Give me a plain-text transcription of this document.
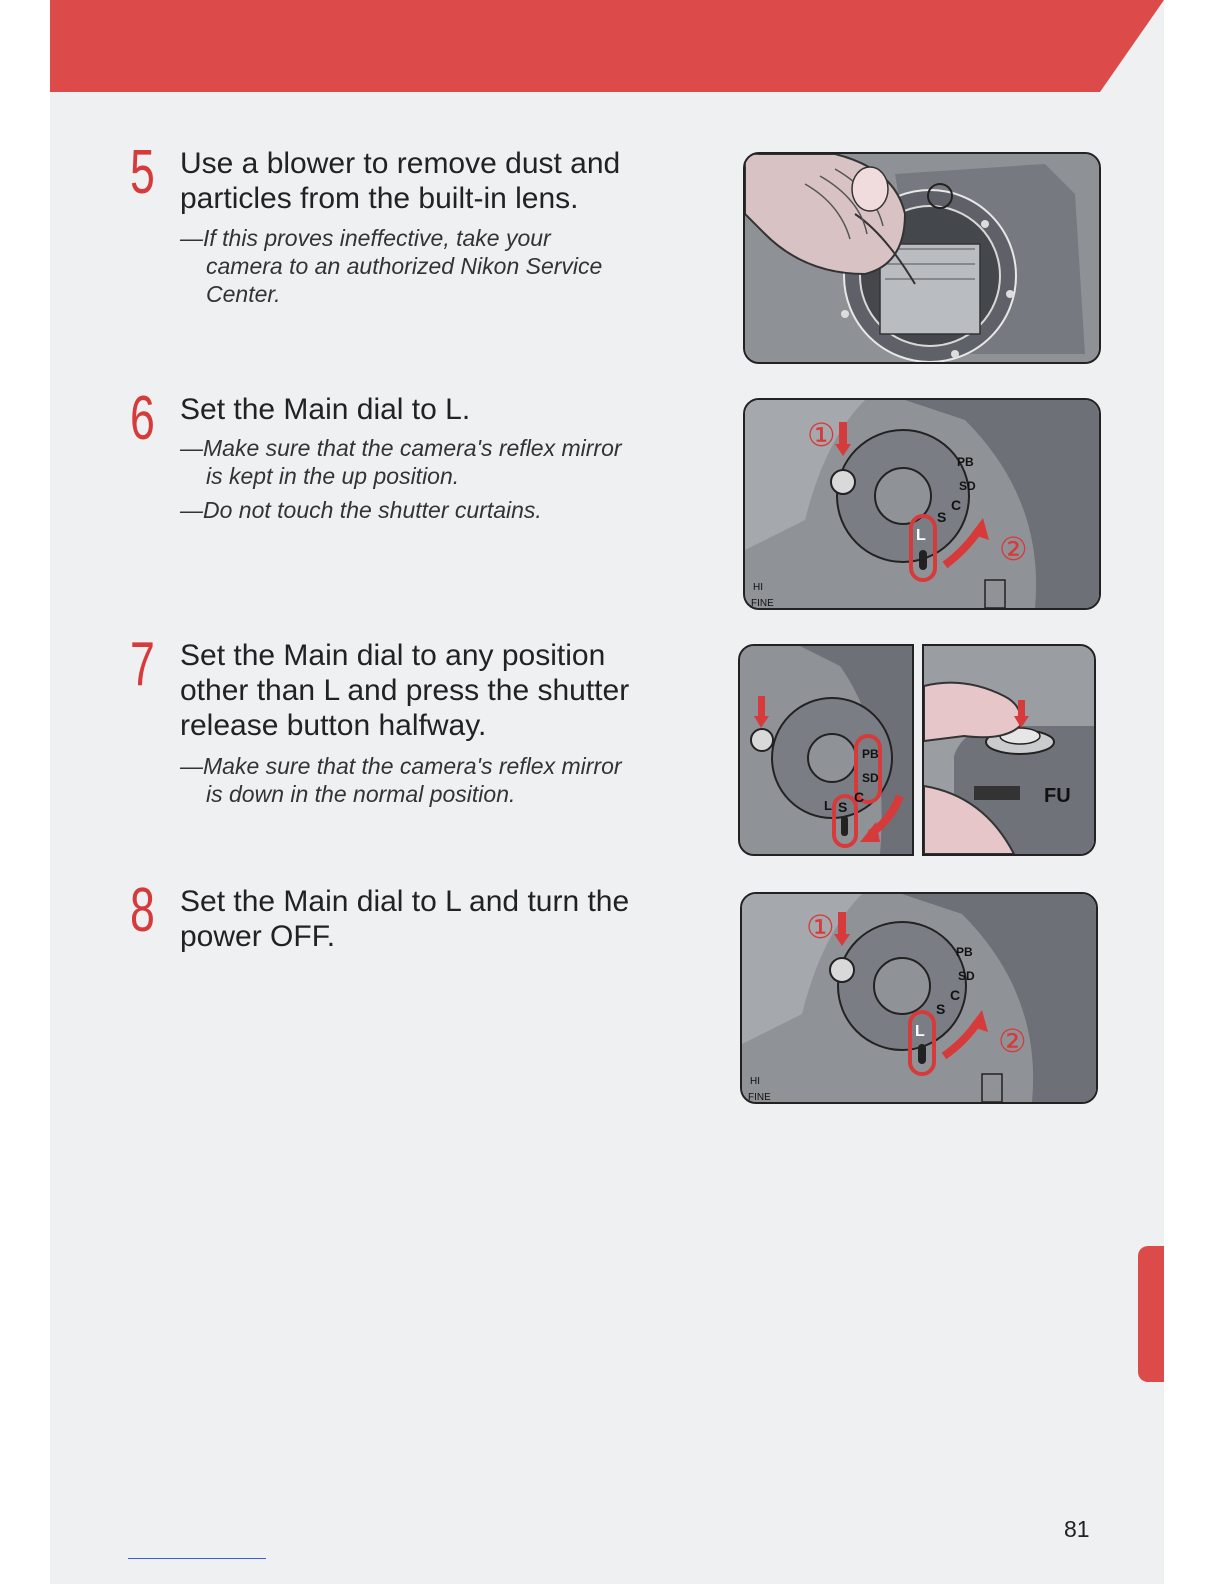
5 Use a blower to remove dust and
particles from the built-in lens.
—If this proves ineffective, take your
camera to an authorized Nikon Service
Center.
6 Set the Main dial to L.
—Make sure that the camera's reflex mirror
is kept in the up position.
—Do not touch the shutter curtains.
7 Set the Main dial to any position
other than L and press the shutter
release button halfway.
—Make sure that the camera's reflex mirror
is down in the normal position.
8 Set the Main dial to L and turn the
power OFF.
①
②
L
S
C
SD
PB
HI
FINE
L S
C
SD
PB
FU
①
②
L
S
C
SD
PB
HI
FINE
81
